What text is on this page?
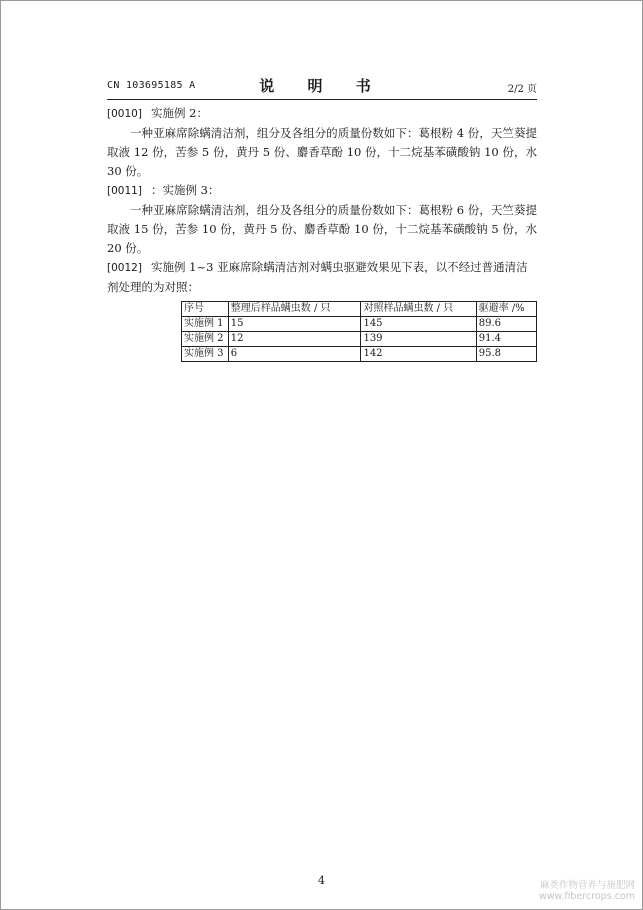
CN 103695185 A	说 明 书	2/2 页
[0010] 实施例 2：
一种亚麻席除螨清洁剂，组分及各组分的质量份数如下：葛根粉 4 份，天竺葵提取液 12 份，苦参 5 份，黄丹 5 份、麝香草酚 10 份，十二烷基苯磺酸钠 10 份，水 30 份。
[0011] ：实施例 3：
一种亚麻席除螨清洁剂，组分及各组分的质量份数如下：葛根粉 6 份，天竺葵提取液 15 份，苦参 10 份，黄丹 5 份、麝香草酚 10 份，十二烷基苯磺酸钠 5 份，水 20 份。
[0012] 实施例 1~3 亚麻席除螨清洁剂对螨虫驱避效果见下表，以不经过普通清洁剂处理的为对照：
序号	整理后样品螨虫数 / 只	对照样品螨虫数 / 只	驱避率 /%
实施例 1	15	145	89.6
实施例 2	12	139	91.4
实施例 3	6	142	95.8
4	麻类作物营养与施肥网
www.fibercrops.com
